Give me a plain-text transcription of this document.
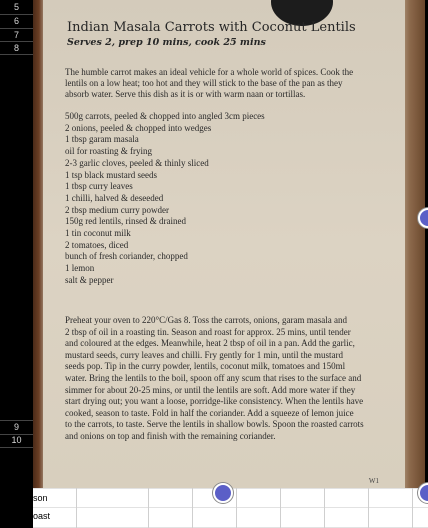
5
6
7
8
9
10
Indian Masala Carrots with Coconut Lentils
Serves 2, prep 10 mins, cook 25 mins
The humble carrot makes an ideal vehicle for a whole world of spices. Cook the
lentils on a low heat; too hot and they will stick to the base of the pan as they
absorb water. Serve this dish as it is or with warm naan or tortillas.
500g carrots, peeled & chopped into angled 3cm pieces
2 onions, peeled & chopped into wedges
1 tbsp garam masala
oil for roasting & frying
2-3 garlic cloves, peeled & thinly sliced
1 tsp black mustard seeds
1 tbsp curry leaves
1 chilli, halved & deseeded
2 tbsp medium curry powder
150g red lentils, rinsed & drained
1 tin coconut milk
2 tomatoes, diced
bunch of fresh coriander, chopped
1 lemon
salt & pepper
Preheat your oven to 220°C/Gas 8. Toss the carrots, onions, garam masala and
2 tbsp of oil in a roasting tin. Season and roast for approx. 25 mins, until tender
and coloured at the edges. Meanwhile, heat 2 tbsp of oil in a pan. Add the garlic,
mustard seeds, curry leaves and chilli. Fry gently for 1 min, until the mustard
seeds pop. Tip in the curry powder, lentils, coconut milk, tomatoes and 150ml
water. Bring the lentils to the boil, spoon off any scum that rises to the surface and
simmer for about 20-25 mins, or until the lentils are soft. Add more water if they
start drying out; you want a loose, porridge-like consistency. When the lentils have
cooked, season to taste. Fold in half the coriander. Add a squeeze of lemon juice
to the carrots, to taste. Serve the lentils in shallow bowls. Spoon the roasted carrots
and onions on top and finish with the remaining coriander.
W1
son
oast
